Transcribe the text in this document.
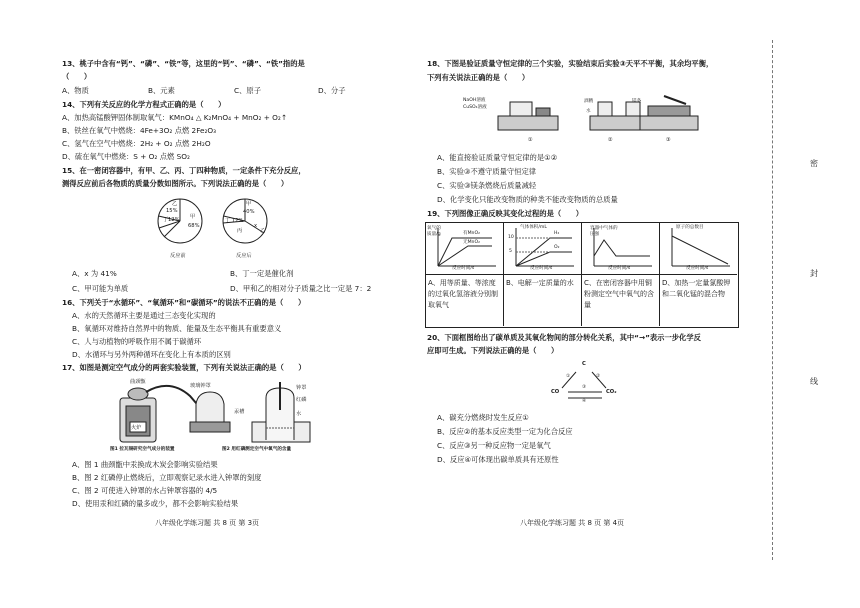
13、桃子中含有“钙”、“磷”、“铁”等，这里的“钙”、“磷”、“铁”指的是
（　　）
A、物质	B、元素	C、原子	D、分子
14、下列有关反应的化学方程式正确的是（　　）
A、加热高锰酸钾固体制取氧气：KMnO₄ △ K₂MnO₄ + MnO₂ + O₂↑
B、铁丝在氧气中燃烧：4Fe+3O₂ 点燃 2Fe₂O₃
C、氢气在空气中燃烧：2H₂ + O₂ 点燃 2H₂O
D、硫在氧气中燃烧：S + O₂ 点燃 SO₂
15、在一密闭容器中，有甲、乙、丙、丁四种物质，一定条件下充分反应，
测得反应前后各物质的质量分数如图所示。下列说法正确的是（　　）
乙
15%
丁 12% 甲
68%
反应前
甲
40%
丁 12%
丙
x
乙
反应后
A、x 为 41%	B、丁一定是催化剂
C、甲可能为单质	D、甲和乙的相对分子质量之比一定是 7：2
16、下列关于“水循环”、“氧循环”和“碳循环”的说法不正确的是（　　）
A、水的天然循环主要是通过三态变化实现的
B、氧循环对维持自然界中的物质、能量及生态平衡具有重要意义
C、人与动植物的呼吸作用不属于碳循环
D、水循环与另外两种循环在变化上有本质的区别
17、如图是测定空气成分的两套实验装置，下列有关说法正确的是（　　）
曲颈甑
玻璃钟罩
汞槽
火炉
钟罩
红磷
水
图1 拉瓦锡研究空气成分的装置	图2 用红磷测定空气中氧气的含量
A、图 1 曲颈甑中汞换成木炭会影响实验结果
B、图 2 红磷停止燃烧后，立即观察记录水进入钟罩的刻度
C、图 2 可使进入钟罩的水占钟罩容器的 4/5
D、使用汞和红磷的量多或少，都不会影响实验结果
八年级化学练习题 共 8 页 第 3页
18、下图是验证质量守恒定律的三个实验，实验结束后实验③天平不平衡，其余均平衡，
下列有关说法正确的是（　　）
NaOH溶液
CuSO₄溶液
酒精
水
镁条
①	②	③
A、能直接验证质量守恒定律的是①②
B、实验③不遵守质量守恒定律
C、实验③镁条燃烧后质量减轻
D、化学变化只能改变物质的种类不能改变物质的总质量
19、下列图像正确反映其变化过程的是（　　）
氧气的质量/g	有MnO₂
无MnO₂
反应时间/s
气体体积/mL
10
5
H₂
O₂
反应时间/s
容器中气体的压强
反应时间/s
原子的总数目
反应时间/s
A、用等质量、等浓度的过氧化氢溶液分别制取氧气
B、电解一定质量的水	C、在密闭容器中用铜粉测定空气中氧气的含量
D、加热一定量氯酸钾和二氧化锰的混合物
20、下面框图给出了碳单质及其氧化物间的部分转化关系，其中“→”表示一步化学反
应即可生成。下列说法正确的是（　　）
C
CO	CO₂
①	②
③
④
A、碳充分燃烧时发生反应①
B、反应②的基本反应类型一定为化合反应
C、反应③另一种反应物一定是氧气
D、反应④可体现出碳单质具有还原性
八年级化学练习题 共 8 页 第 4页
密
封
线
